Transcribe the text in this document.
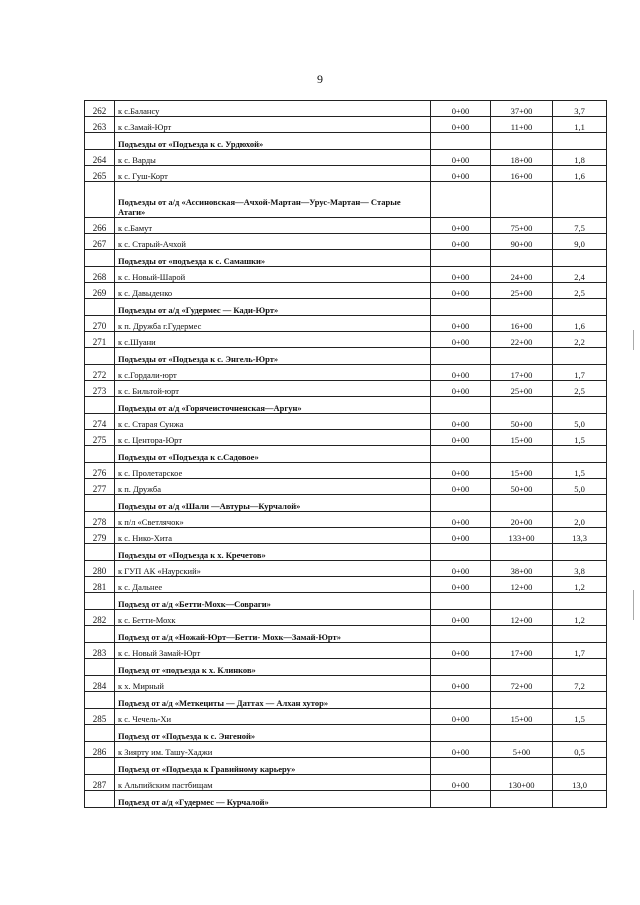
9
262	к с.Балансу	0+00	37+00	3,7
263	к с.Замай-Юрт	0+00	11+00	1,1
	Подъезды от «Подъезда к с. Урдюхой»			
264	к с. Варды	0+00	18+00	1,8
265	к с. Гуш-Корт	0+00	16+00	1,6
	Подъезды от а/д «Ассиновская—Ачхой-Мартан—Урус-Мартан— Старые Атаги»			
266	к с.Бамут	0+00	75+00	7,5
267	к с. Старый-Ачхой	0+00	90+00	9,0
	Подъезды от «подъезда к с. Самашки»			
268	к с. Новый-Шарой	0+00	24+00	2,4
269	к с. Давыденко	0+00	25+00	2,5
	Подъезды от а/д «Гудермес — Кади-Юрт»			
270	к п. Дружба г.Гудермес	0+00	16+00	1,6
271	к с.Шуани	0+00	22+00	2,2
	Подъезды от «Подъезда к с. Энгель-Юрт»			
272	к с.Гордали-юрт	0+00	17+00	1,7
273	к с. Бильтой-юрт	0+00	25+00	2,5
	Подъезды от а/д «Горячеисточненская—Аргун»			
274	к с. Старая Сунжа	0+00	50+00	5,0
275	к с. Центора-Юрт	0+00	15+00	1,5
	Подъезды от «Подъезда к с.Садовое»			
276	к с. Пролетарское	0+00	15+00	1,5
277	к п. Дружба	0+00	50+00	5,0
	Подъезды от а/д «Шали —Автуры—Курчалой»			
278	к п/л «Светлячок»	0+00	20+00	2,0
279	к с. Нико-Хита	0+00	133+00	13,3
	Подъезды от «Подъезда к х. Кречетов»			
280	к ГУП АК «Наурский»	0+00	38+00	3,8
281	к с. Дальнее	0+00	12+00	1,2
	Подъезд от а/д «Бетти-Мохк—Совраги»			
282	к с. Бетти-Мохк	0+00	12+00	1,2
	Подъезд от а/д «Ножай-Юрт—Бетти- Мохк—Замай-Юрт»			
283	к с. Новый Замай-Юрт	0+00	17+00	1,7
	Подъезд от «подъезда к х. Клинков»			
284	к х. Мирный	0+00	72+00	7,2
	Подъезд от а/д «Меткециты — Даттах — Алхан хутор»			
285	к с. Чечель-Хи	0+00	15+00	1,5
	Подъезд от «Подъезда к с. Энгеной»			
286	к Зиярту им. Ташу-Хаджи	0+00	5+00	0,5
	Подъезд от «Подъезда к Гравийному карьеру»			
287	к Альпийским пастбищам	0+00	130+00	13,0
	Подъезд от а/д «Гудермес — Курчалой»			
